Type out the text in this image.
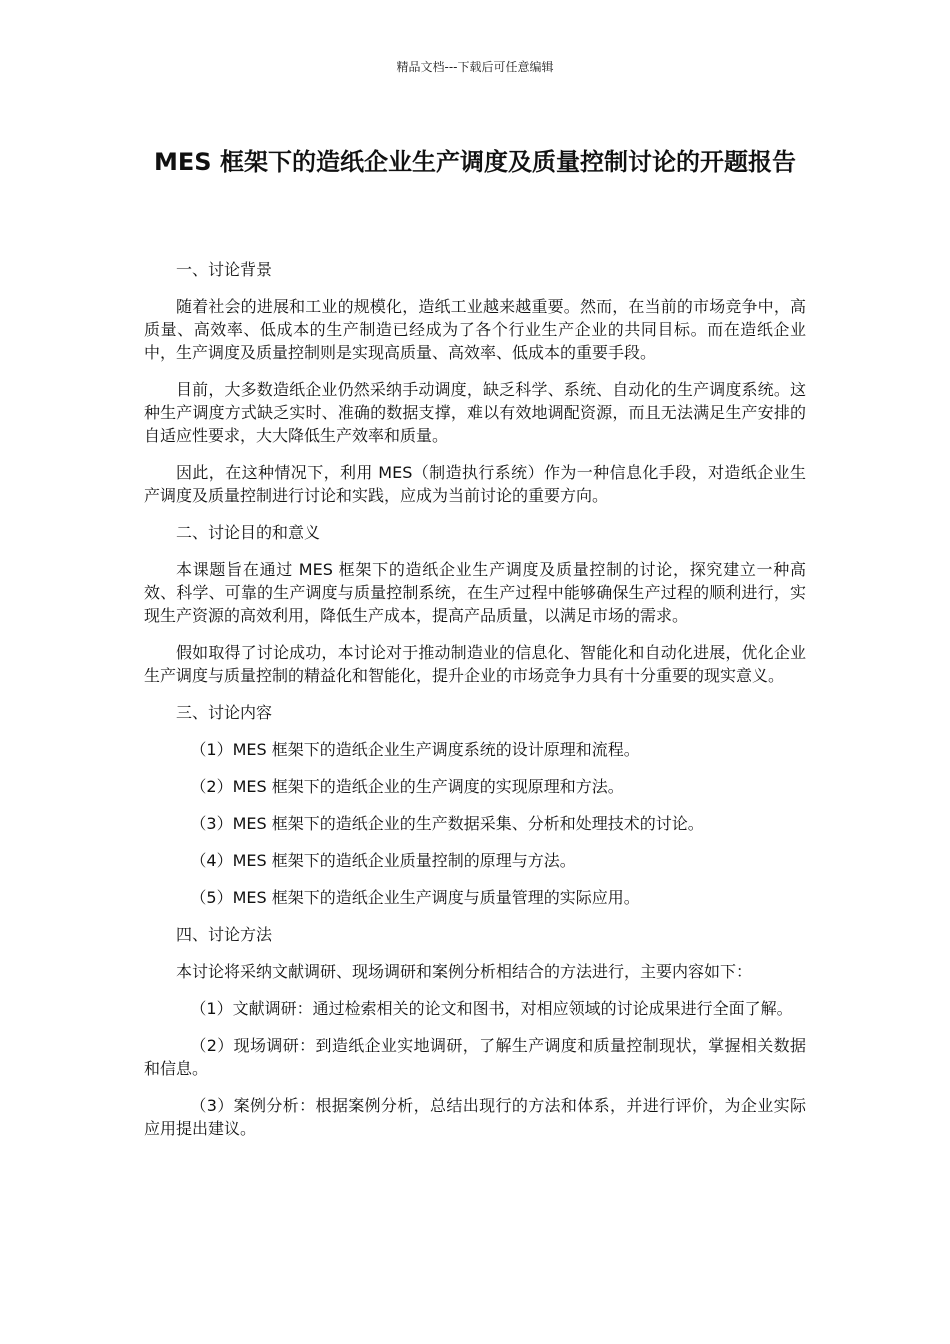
精品文档---下载后可任意编辑
MES 框架下的造纸企业生产调度及质量控制讨论的开题报告

一、讨论背景

随着社会的进展和工业的规模化，造纸工业越来越重要。然而，在当前的市场竞争中，高质量、高效率、低成本的生产制造已经成为了各个行业生产企业的共同目标。而在造纸企业中，生产调度及质量控制则是实现高质量、高效率、低成本的重要手段。

目前，大多数造纸企业仍然采纳手动调度，缺乏科学、系统、自动化的生产调度系统。这种生产调度方式缺乏实时、准确的数据支撑，难以有效地调配资源，而且无法满足生产安排的自适应性要求，大大降低生产效率和质量。

因此，在这种情况下，利用 MES（制造执行系统）作为一种信息化手段，对造纸企业生产调度及质量控制进行讨论和实践，应成为当前讨论的重要方向。

二、讨论目的和意义

本课题旨在通过 MES 框架下的造纸企业生产调度及质量控制的讨论，探究建立一种高效、科学、可靠的生产调度与质量控制系统，在生产过程中能够确保生产过程的顺利进行，实现生产资源的高效利用，降低生产成本，提高产品质量，以满足市场的需求。

假如取得了讨论成功，本讨论对于推动制造业的信息化、智能化和自动化进展，优化企业生产调度与质量控制的精益化和智能化，提升企业的市场竞争力具有十分重要的现实意义。

三、讨论内容

（1）MES 框架下的造纸企业生产调度系统的设计原理和流程。

（2）MES 框架下的造纸企业的生产调度的实现原理和方法。

（3）MES 框架下的造纸企业的生产数据采集、分析和处理技术的讨论。

（4）MES 框架下的造纸企业质量控制的原理与方法。

（5）MES 框架下的造纸企业生产调度与质量管理的实际应用。

四、讨论方法

本讨论将采纳文献调研、现场调研和案例分析相结合的方法进行，主要内容如下：

（1）文献调研：通过检索相关的论文和图书，对相应领域的讨论成果进行全面了解。

（2）现场调研：到造纸企业实地调研，了解生产调度和质量控制现状，掌握相关数据和信息。

（3）案例分析：根据案例分析，总结出现行的方法和体系，并进行评价，为企业实际应用提出建议。
